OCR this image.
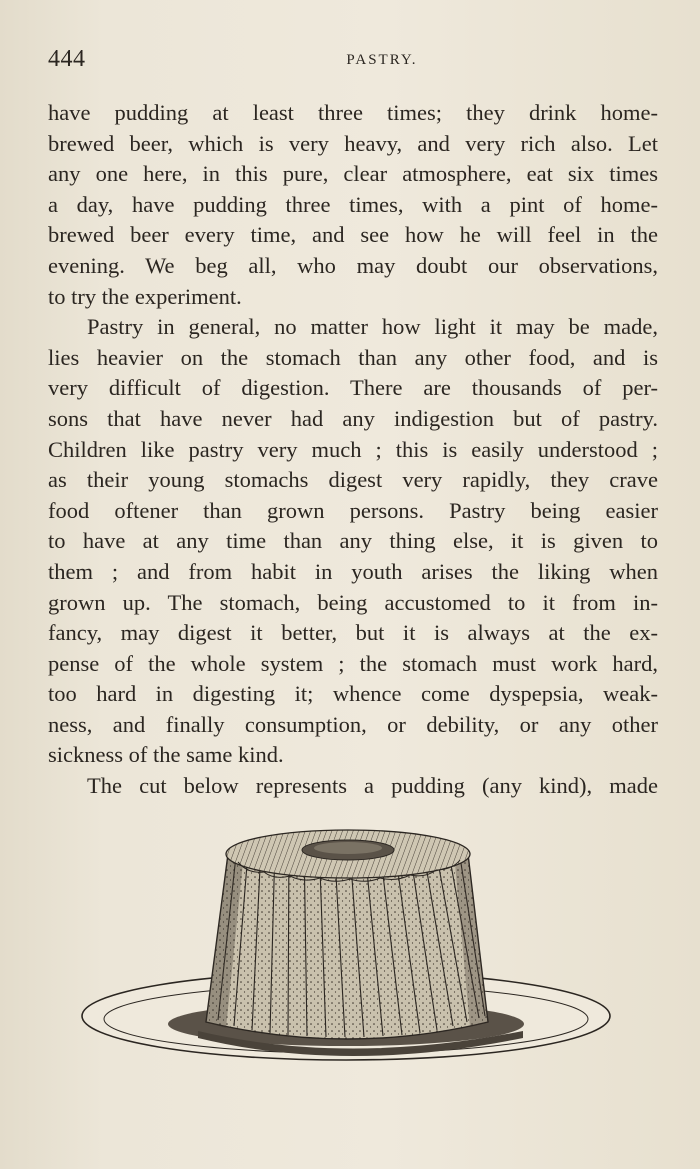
444	PASTRY.
have pudding at least three times; they drink home-
brewed beer, which is very heavy, and very rich also. Let
any one here, in this pure, clear atmosphere, eat six times
a day, have pudding three times, with a pint of home-
brewed beer every time, and see how he will feel in the
evening. We beg all, who may doubt our observations,
to try the experiment.
Pastry in general, no matter how light it may be made,
lies heavier on the stomach than any other food, and is
very difficult of digestion. There are thousands of per-
sons that have never had any indigestion but of pastry.
Children like pastry very much ; this is easily understood ;
as their young stomachs digest very rapidly, they crave
food oftener than grown persons. Pastry being easier
to have at any time than any thing else, it is given to
them ; and from habit in youth arises the liking when
grown up. The stomach, being accustomed to it from in-
fancy, may digest it better, but it is always at the ex-
pense of the whole system ; the stomach must work hard,
too hard in digesting it; whence come dyspepsia, weak-
ness, and finally consumption, or debility, or any other
sickness of the same kind.
The cut below represents a pudding (any kind), made
